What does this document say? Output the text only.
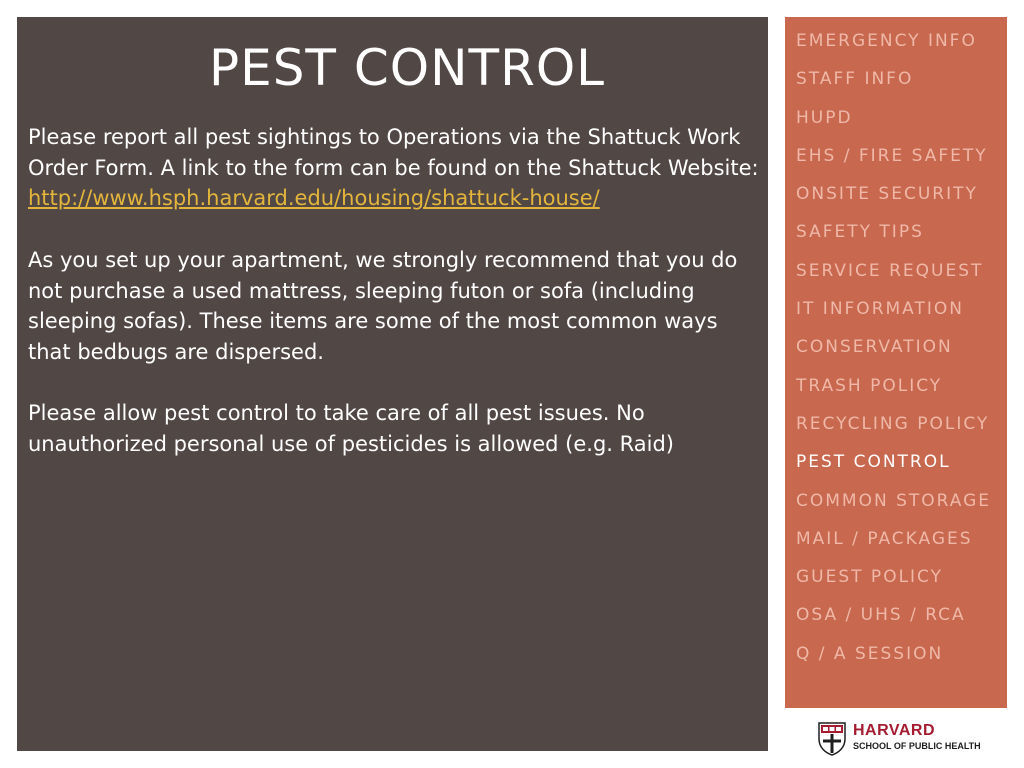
PEST CONTROL

Please report all pest sightings to Operations via the Shattuck Work Order Form. A link to the form can be found on the Shattuck Website:
http://www.hsph.harvard.edu/housing/shattuck-house/

As you set up your apartment, we strongly recommend that you do not purchase a used mattress, sleeping futon or sofa (including sleeping sofas). These items are some of the most common ways that bedbugs are dispersed.

Please allow pest control to take care of all pest issues. No unauthorized personal use of pesticides is allowed (e.g. Raid)

EMERGENCY INFO
STAFF INFO
HUPD
EHS / FIRE SAFETY
ONSITE SECURITY
SAFETY TIPS
SERVICE REQUEST
IT INFORMATION
CONSERVATION
TRASH POLICY
RECYCLING POLICY
PEST CONTROL
COMMON STORAGE
MAIL / PACKAGES
GUEST POLICY
OSA / UHS / RCA
Q / A SESSION
HARVARD
SCHOOL OF PUBLIC HEALTH
